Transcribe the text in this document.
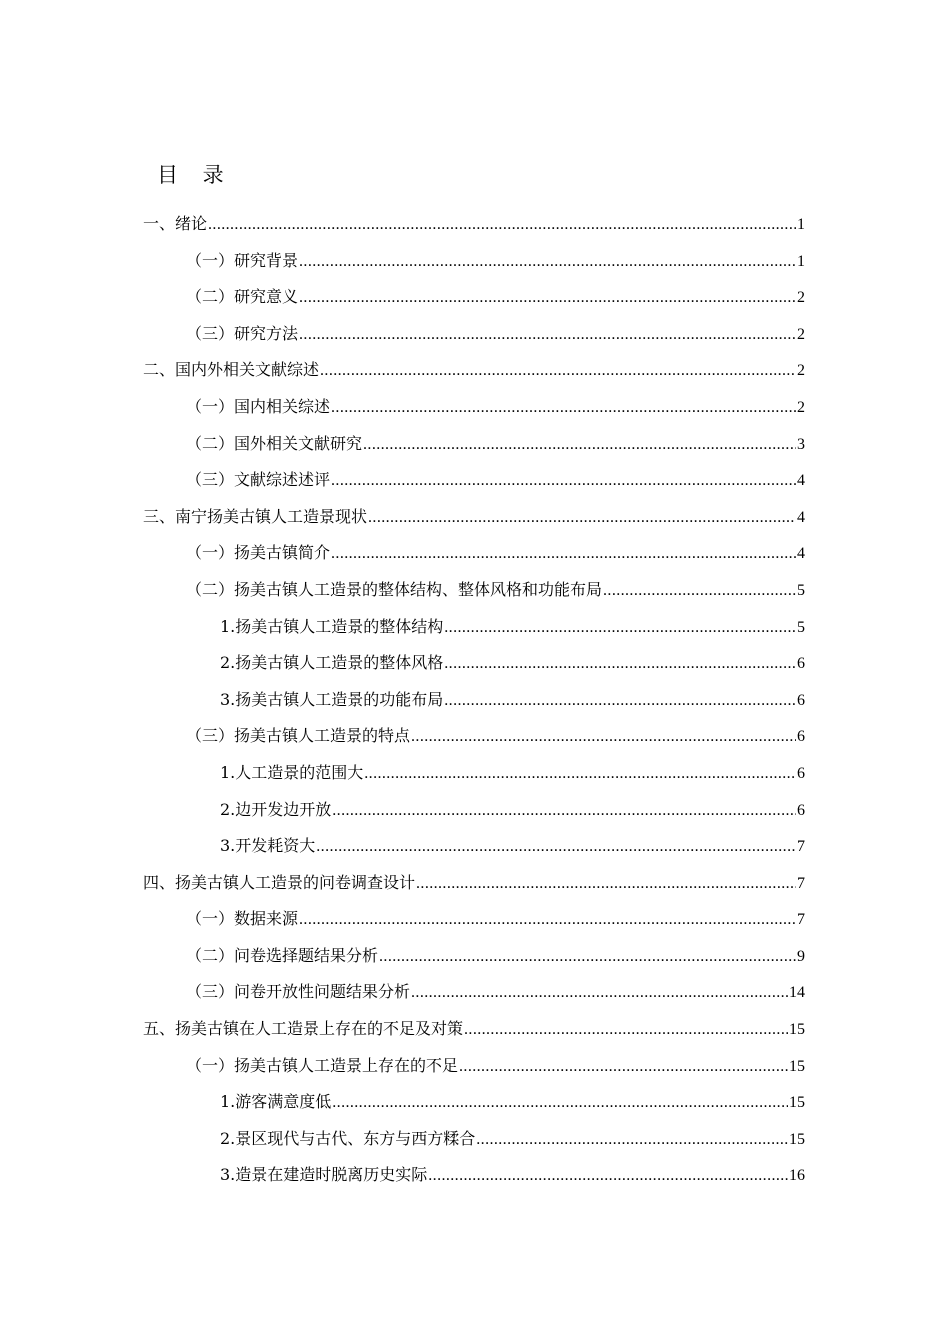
目 录
一、绪论 .....	1
（一）研究背景 .....	1
（二）研究意义 .....	2
（三）研究方法 .....	2
二、国内外相关文献综述 .....	2
（一）国内相关综述 .....	2
（二）国外相关文献研究 .....	3
（三）文献综述述评 .....	4
三、南宁扬美古镇人工造景现状 .....	4
（一）扬美古镇简介 .....	4
（二）扬美古镇人工造景的整体结构、整体风格和功能布局 .....	5
1.扬美古镇人工造景的整体结构 .....	5
2.扬美古镇人工造景的整体风格 .....	6
3.扬美古镇人工造景的功能布局 .....	6
（三）扬美古镇人工造景的特点 .....	6
1.人工造景的范围大 .....	6
2.边开发边开放 .....	6
3.开发耗资大 .....	7
四、扬美古镇人工造景的问卷调查设计 .....	7
（一）数据来源 .....	7
（二）问卷选择题结果分析 .....	9
（三）问卷开放性问题结果分析 .....	14
五、扬美古镇在人工造景上存在的不足及对策 .....	15
（一）扬美古镇人工造景上存在的不足 .....	15
1.游客满意度低 .....	15
2.景区现代与古代、东方与西方糅合 .....	15
3.造景在建造时脱离历史实际 .....	16
